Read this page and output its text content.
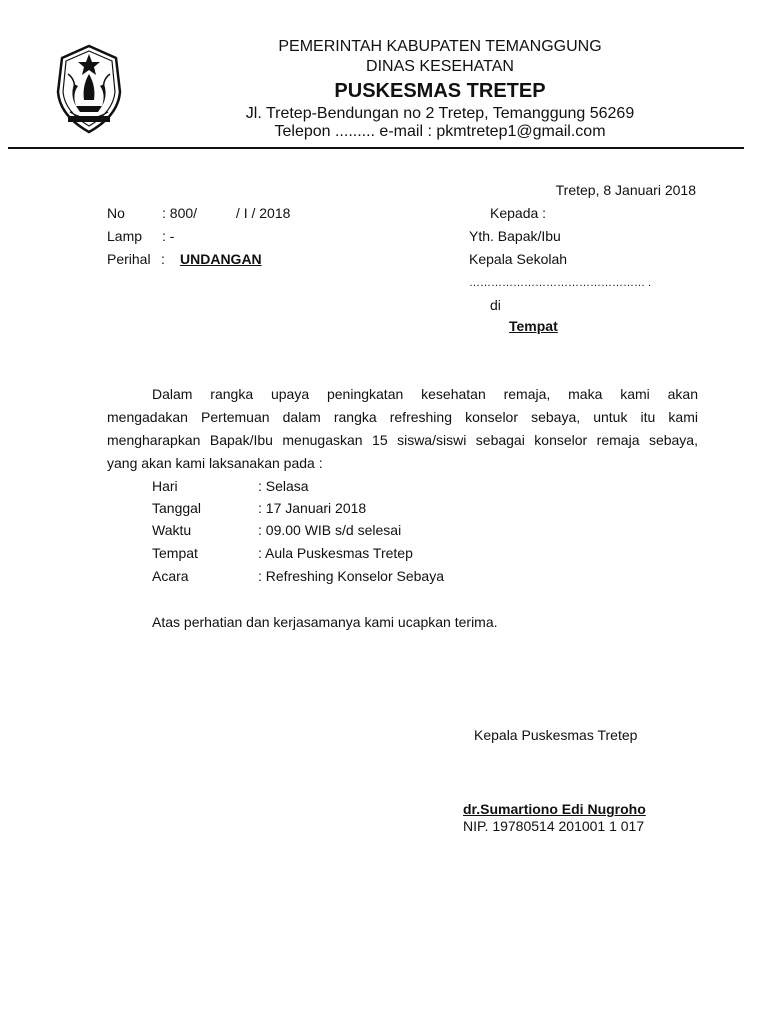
PEMERINTAH KABUPATEN TEMANGGUNG
DINAS KESEHATAN
PUSKESMAS TRETEP
Jl. Tretep-Bendungan no 2 Tretep, Temanggung 56269
Telepon ......... e-mail : pkmtretep1@gmail.com
Tretep, 8 Januari 2018
No	: 800/          / I / 2018
Lamp : -
Perihal : UNDANGAN
Kepada :
Yth. Bapak/Ibu
Kepala Sekolah
………………………………………… .
di
Tempat
Dalam rangka upaya peningkatan kesehatan remaja, maka kami akan
mengadakan Pertemuan dalam rangka refreshing konselor sebaya, untuk itu kami
mengharapkan Bapak/Ibu menugaskan 15 siswa/siswi sebagai konselor remaja sebaya,
yang akan kami laksanakan pada :
Hari	: Selasa
Tanggal	: 17 Januari 2018
Waktu	: 09.00 WIB s/d selesai
Tempat	: Aula Puskesmas Tretep
Acara	: Refreshing Konselor Sebaya
Atas perhatian dan kerjasamanya kami ucapkan terima.
Kepala Puskesmas Tretep
dr.Sumartiono Edi Nugroho
NIP. 19780514 201001 1 017
